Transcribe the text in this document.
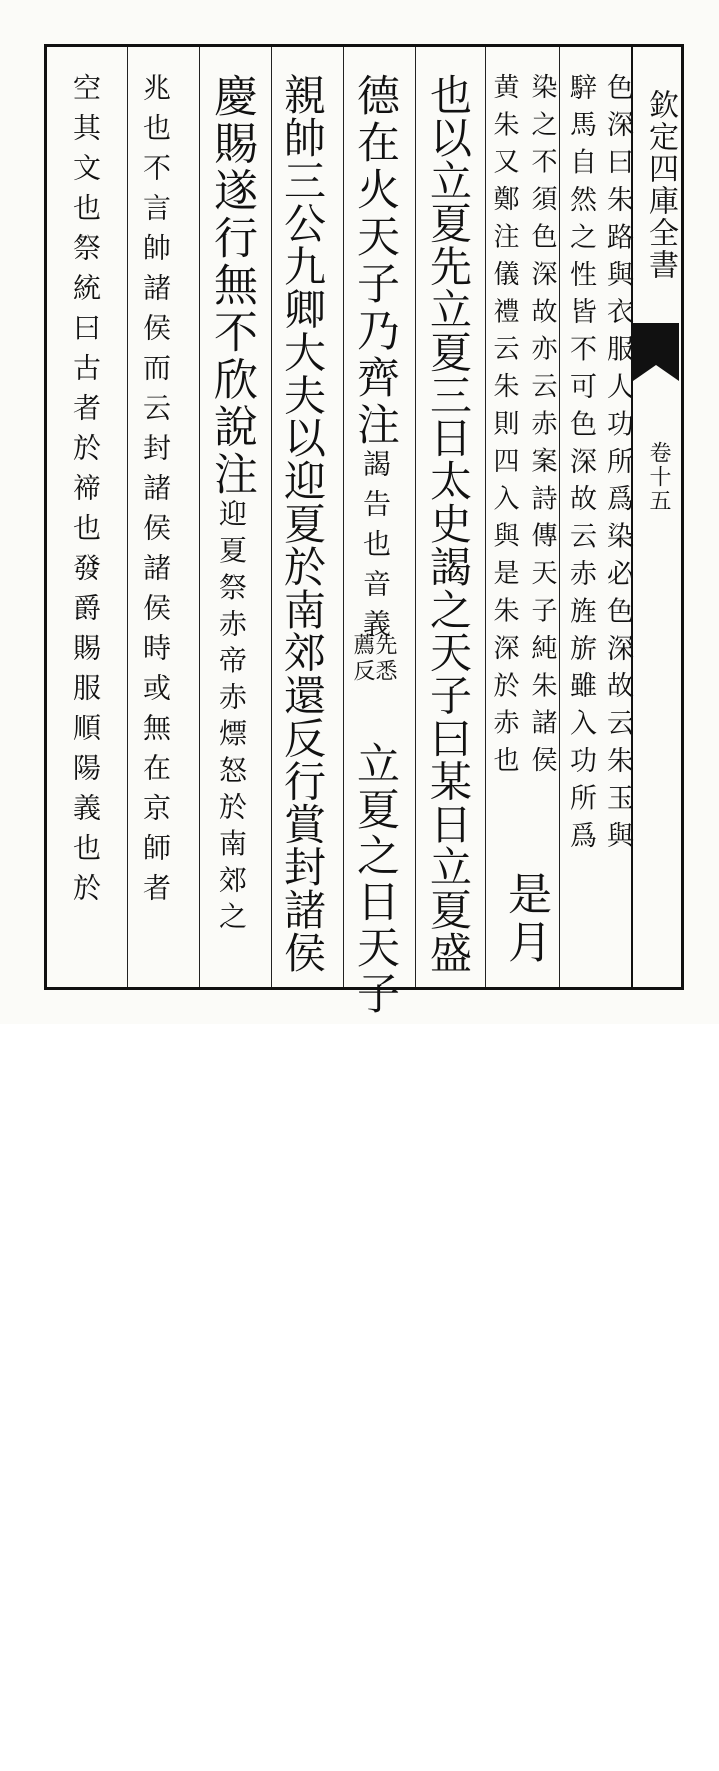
欽定四庫全書
卷十五
色深曰朱路與衣服人功所爲染必色深故云朱玉與
騂馬自然之性皆不可色深故云赤旌旂雖入功所爲
染之不須色深故亦云赤案詩傳天子純朱諸侯
黄朱又鄭注儀禮云朱則四入與是朱深於赤也
是月
也以立夏先立夏三日太史謁之天子曰某日立夏盛
德在火天子乃齊注
謁告也音義
先悉
薦反
立夏之日天子
親帥三公九卿大夫以迎夏於南郊還反行賞封諸侯
慶賜遂行無不欣說注
迎夏祭赤帝赤熛怒於南郊之
兆也不言帥諸侯而云封諸侯諸侯時或無在京師者
空其文也祭統曰古者於禘也發爵賜服順陽義也於
